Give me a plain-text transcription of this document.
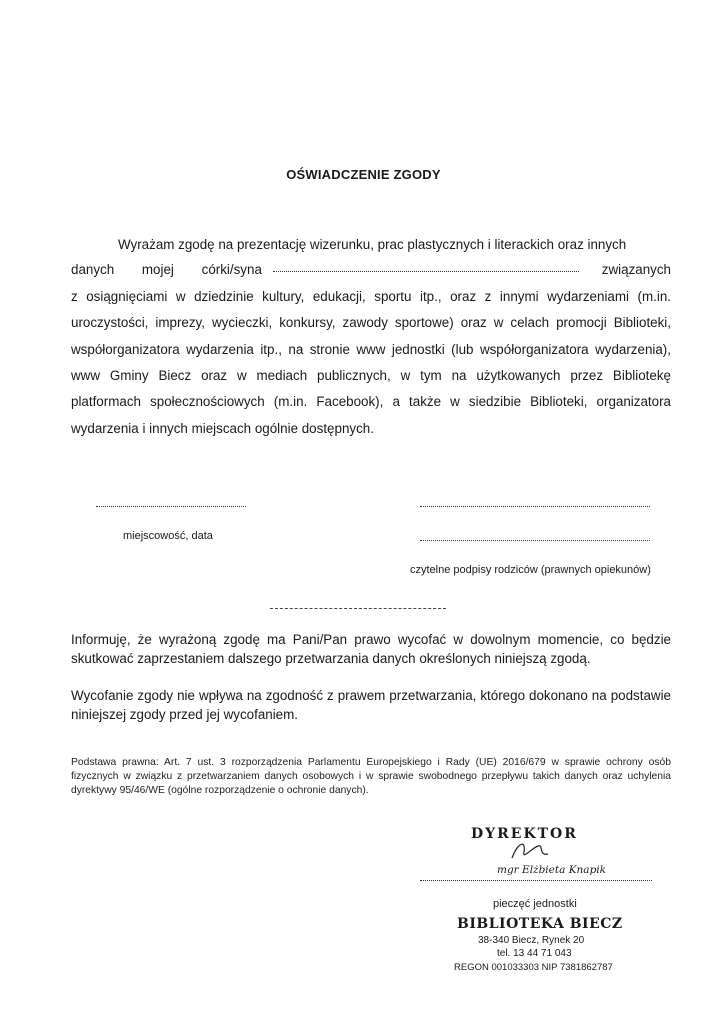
OŚWIADCZENIE ZGODY
Wyrażam zgodę na prezentację wizerunku, prac plastycznych i literackich oraz innych
danych mojej córki/syna	związanych
z osiągnięciami w dziedzinie kultury, edukacji, sportu itp., oraz z innymi wydarzeniami (m.in.
uroczystości, imprezy, wycieczki, konkursy, zawody sportowe) oraz w celach promocji Biblioteki,
współorganizatora wydarzenia itp., na stronie www jednostki (lub współorganizatora wydarzenia),
www Gminy Biecz oraz w mediach publicznych, w tym na użytkowanych przez Bibliotekę
platformach społecznościowych (m.in. Facebook), a także w siedzibie Biblioteki, organizatora
wydarzenia i innych miejscach ogólnie dostępnych.
miejscowość, data
czytelne podpisy rodziców (prawnych opiekunów)
Informuję, że wyrażoną zgodę ma Pani/Pan prawo wycofać w dowolnym momencie, co będzie skutkować zaprzestaniem dalszego przetwarzania danych określonych niniejszą zgodą.
Wycofanie zgody nie wpływa na zgodność z prawem przetwarzania, którego dokonano na podstawie niniejszej zgody przed jej wycofaniem.
Podstawa prawna: Art. 7 ust. 3 rozporządzenia Parlamentu Europejskiego i Rady (UE) 2016/679 w sprawie ochrony osób fizycznych w związku z przetwarzaniem danych osobowych i w sprawie swobodnego przepływu takich danych oraz uchylenia dyrektywy 95/46/WE (ogólne rozporządzenie o ochronie danych).
DYREKTOR
mgr Elżbieta Knapik
pieczęć jednostki
BIBLIOTEKA BIECZ
38-340 Biecz, Rynek 20
tel. 13 44 71 043
REGON 001033303 NIP 7381862787
